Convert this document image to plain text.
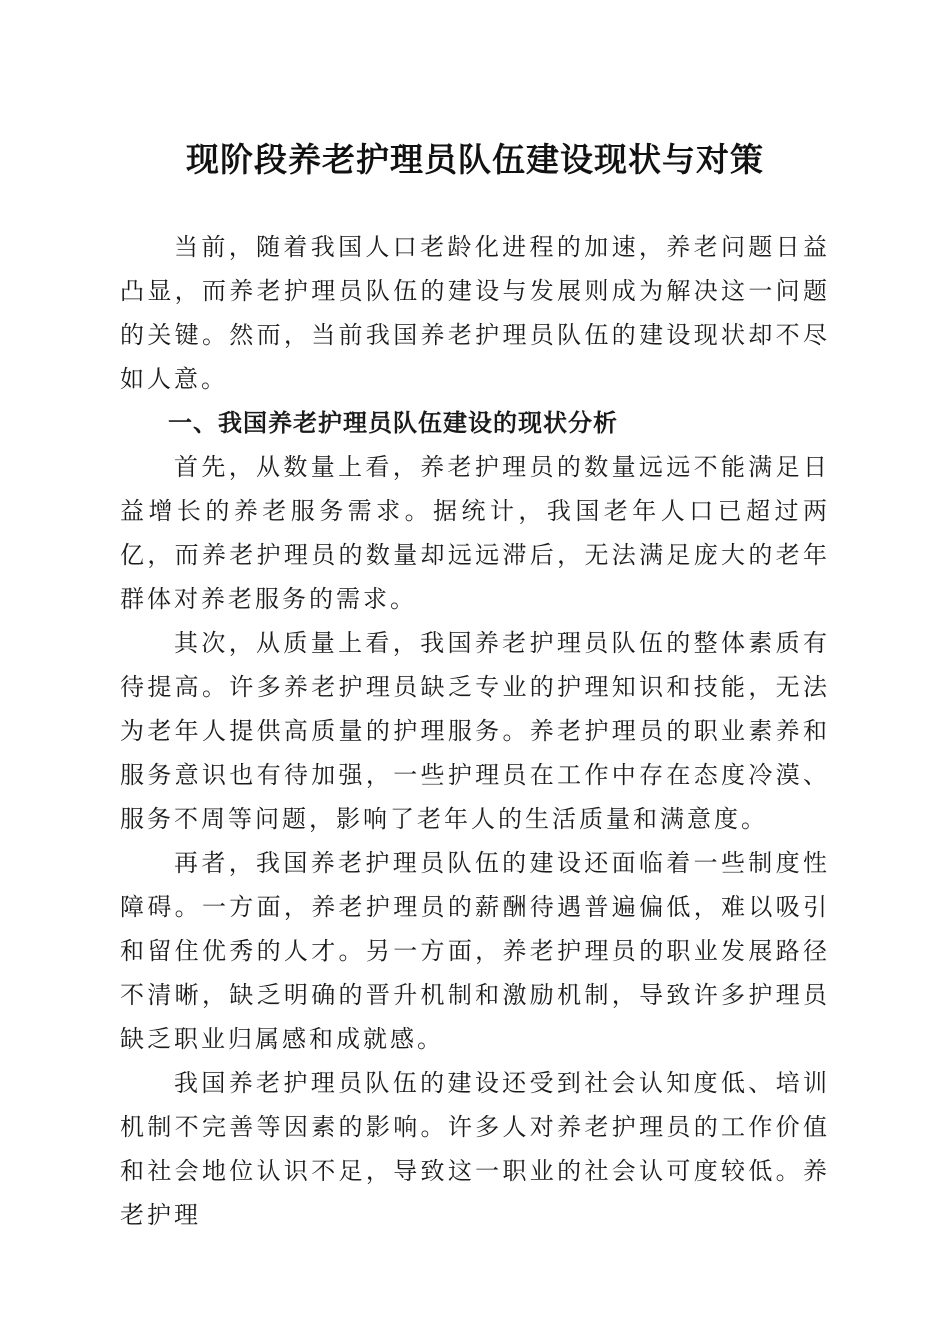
现阶段养老护理员队伍建设现状与对策

当前，随着我国人口老龄化进程的加速，养老问题日益凸显，而养老护理员队伍的建设与发展则成为解决这一问题的关键。然而，当前我国养老护理员队伍的建设现状却不尽如人意。

一、我国养老护理员队伍建设的现状分析

首先，从数量上看，养老护理员的数量远远不能满足日益增长的养老服务需求。据统计，我国老年人口已超过两亿，而养老护理员的数量却远远滞后，无法满足庞大的老年群体对养老服务的需求。

其次，从质量上看，我国养老护理员队伍的整体素质有待提高。许多养老护理员缺乏专业的护理知识和技能，无法为老年人提供高质量的护理服务。养老护理员的职业素养和服务意识也有待加强，一些护理员在工作中存在态度冷漠、服务不周等问题，影响了老年人的生活质量和满意度。

再者，我国养老护理员队伍的建设还面临着一些制度性障碍。一方面，养老护理员的薪酬待遇普遍偏低，难以吸引和留住优秀的人才。另一方面，养老护理员的职业发展路径不清晰，缺乏明确的晋升机制和激励机制，导致许多护理员缺乏职业归属感和成就感。

我国养老护理员队伍的建设还受到社会认知度低、培训机制不完善等因素的影响。许多人对养老护理员的工作价值和社会地位认识不足，导致这一职业的社会认可度较低。养老护理
